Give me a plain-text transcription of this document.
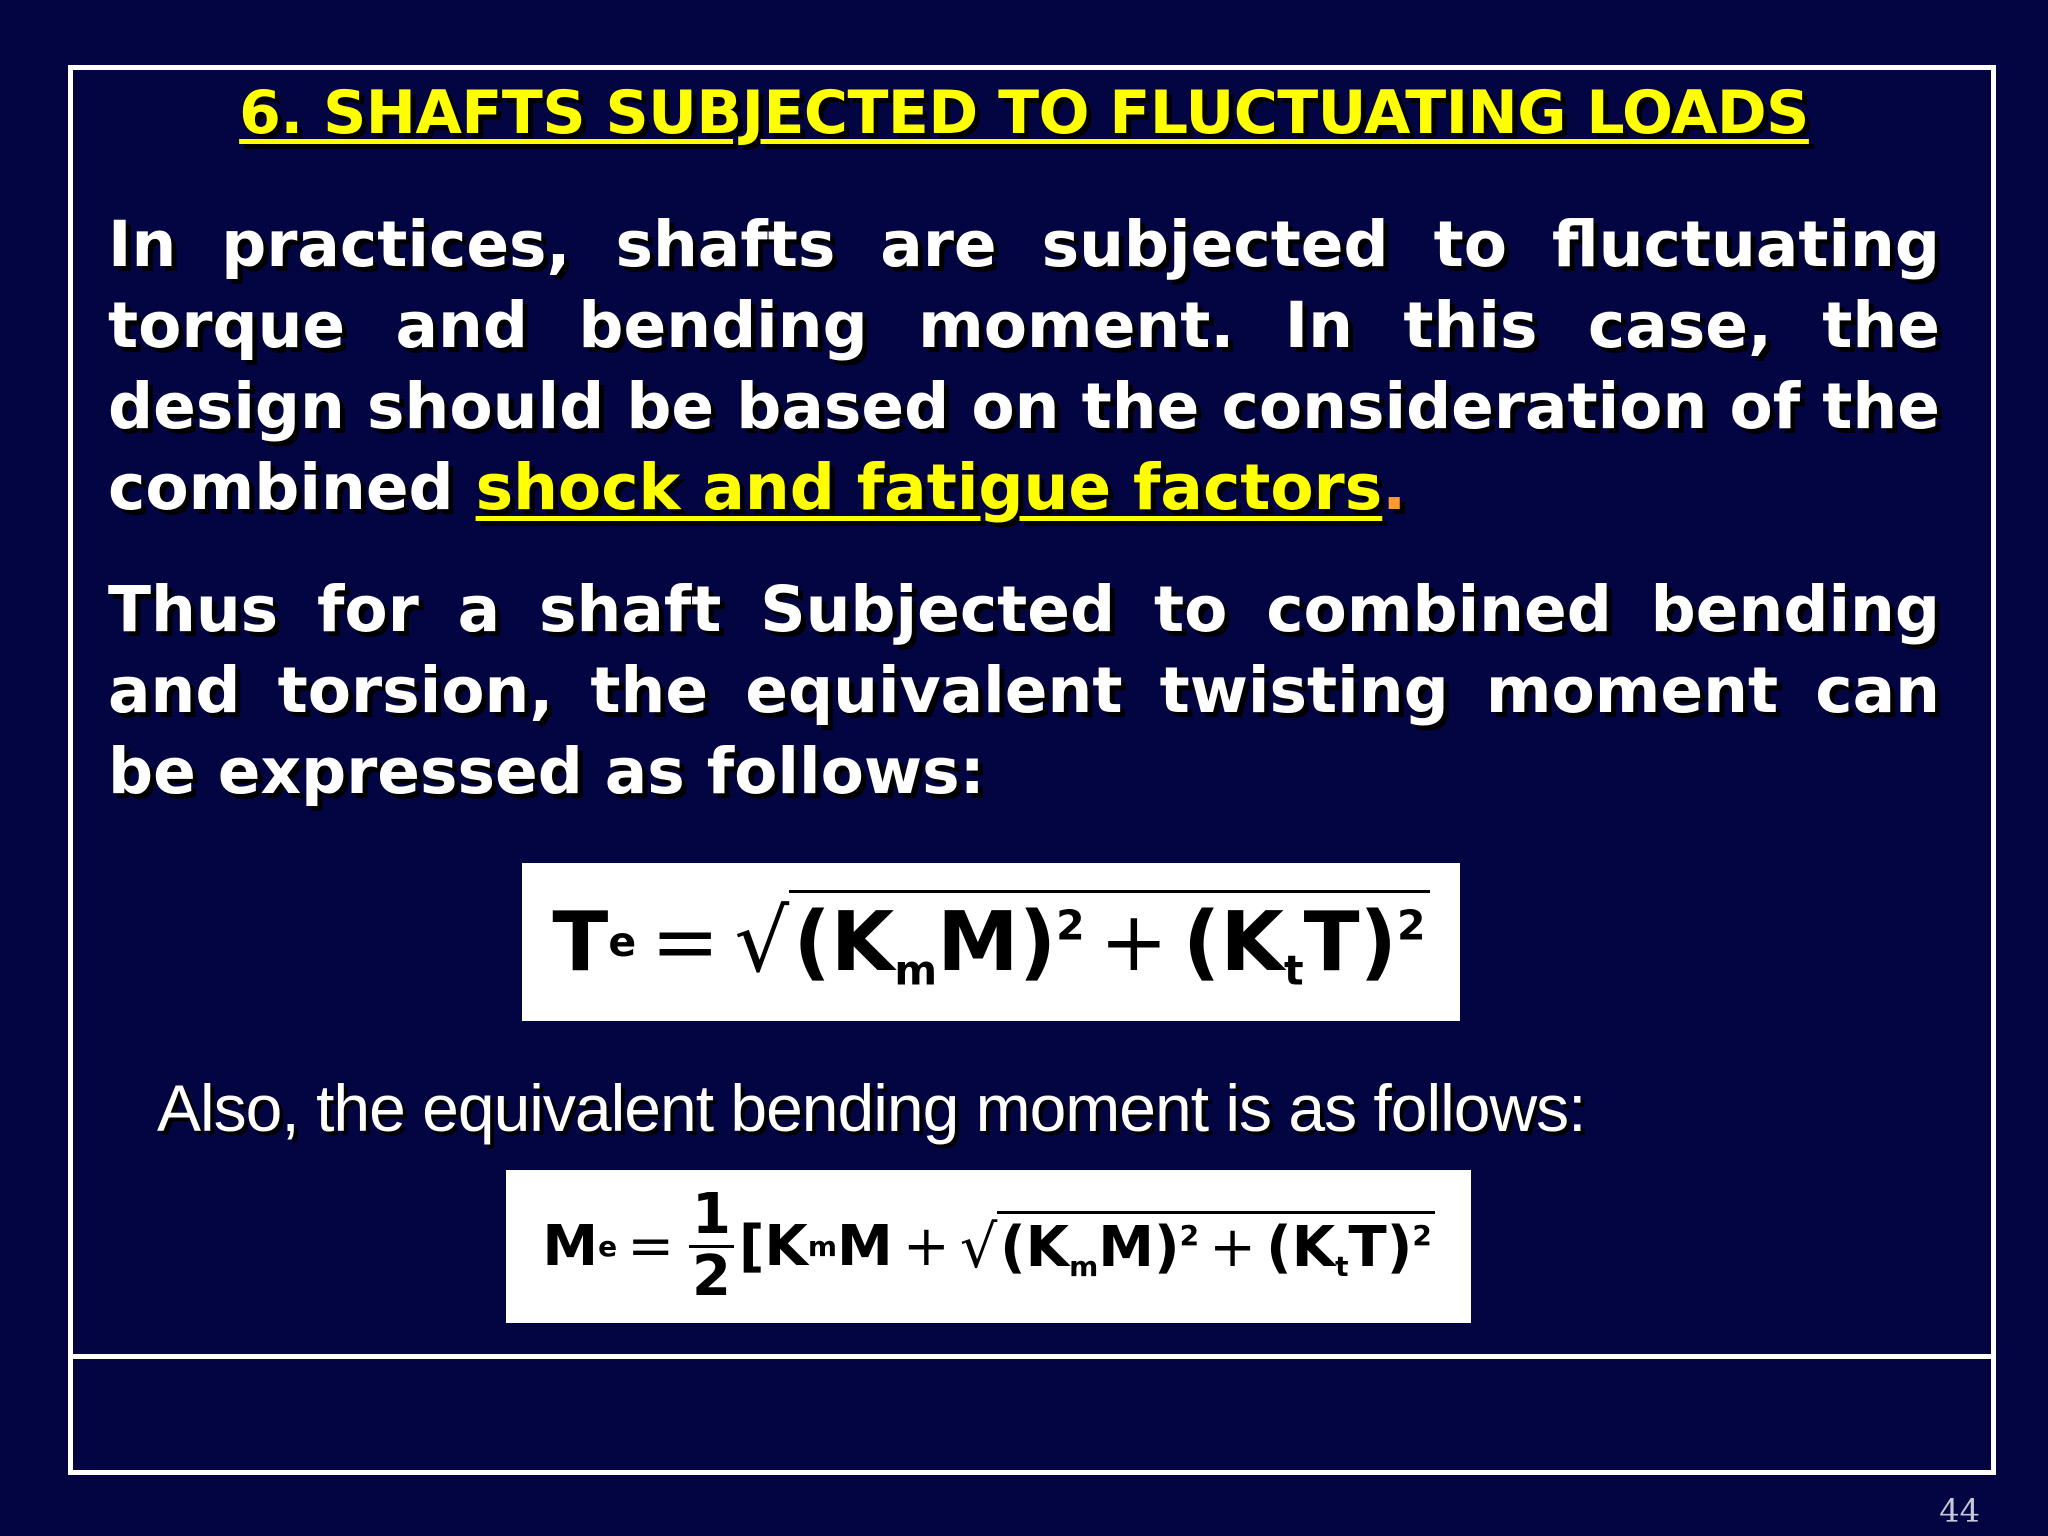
6. SHAFTS SUBJECTED TO FLUCTUATING LOADS

In practices, shafts are subjected to fluctuating torque and bending moment. In this case, the design should be based on the consideration of the combined shock and fatigue factors.

Thus for a shaft Subjected to combined bending and torsion, the equivalent twisting moment can be expressed as follows:

T e = √ $(K_mM)^2 + (K_tT)^2$

Also, the equivalent bending moment is as follows:

M $e = \frac{1}{2} [K$ m M + √ $(K_mM)^2 + (K_tT)^2$

44
